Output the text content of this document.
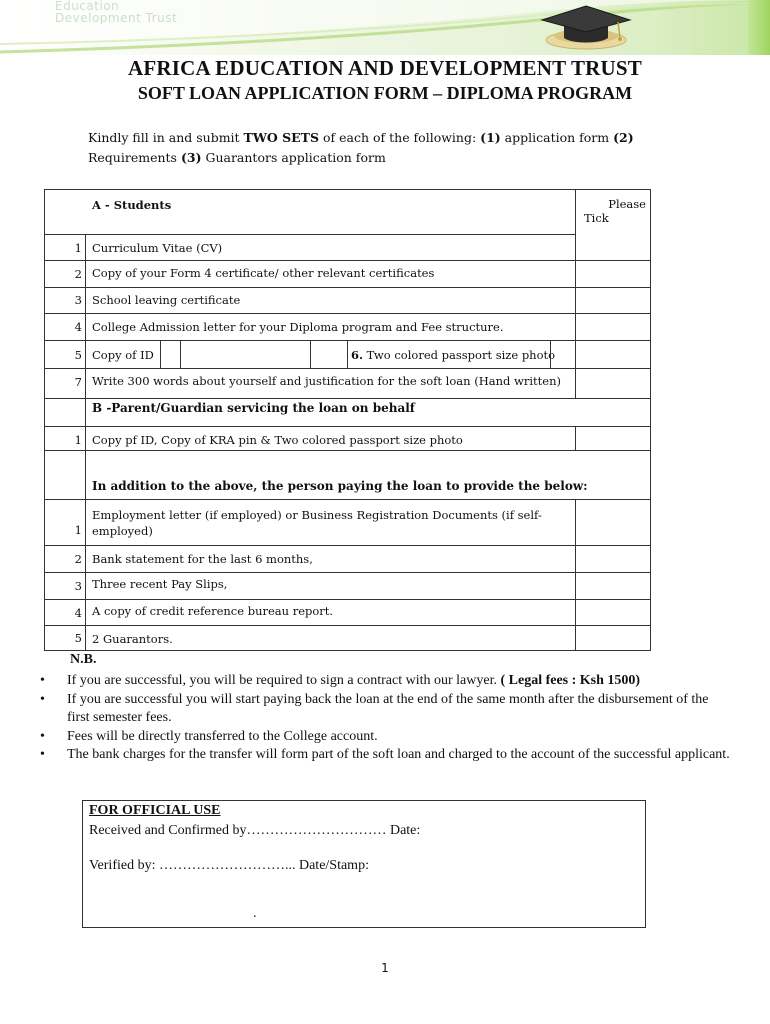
Education
Development Trust
AFRICA EDUCATION AND DEVELOPMENT TRUST
SOFT LOAN APPLICATION FORM – DIPLOMA PROGRAM
Kindly fill in and submit TWO SETS of each of the following: (1) application form (2)
Requirements (3) Guarantors application form
A - Students	Please
Tick
1 Curriculum Vitae (CV)
2 Copy of your Form 4 certificate/ other relevant certificates
3 School leaving certificate
4 College Admission letter for your Diploma program and Fee structure.
5 Copy of ID	6. Two colored passport size photo
7 Write 300 words about yourself and justification for the soft loan (Hand written)
B -Parent/Guardian servicing the loan on behalf
1 Copy pf ID, Copy of KRA pin & Two colored passport size photo
In addition to the above, the person paying the loan to provide the below:
1
Employment letter (if employed) or Business Registration Documents (if self-
employed)
2 Bank statement for the last 6 months,
3 Three recent Pay Slips,
4 A copy of credit reference bureau report.
5 2 Guarantors.
N.B.
• If you are successful, you will be required to sign a contract with our lawyer. ( Legal fees : Ksh 1500)
• If you are successful you will start paying back the loan at the end of the same month after the disbursement of the first semester fees.
• Fees will be directly transferred to the College account.
• The bank charges for the transfer will form part of the soft loan and charged to the account of the successful applicant.
FOR OFFICIAL USE
Received and Confirmed by………………………… Date:
Verified by: ………………………... Date/Stamp:
.
1
